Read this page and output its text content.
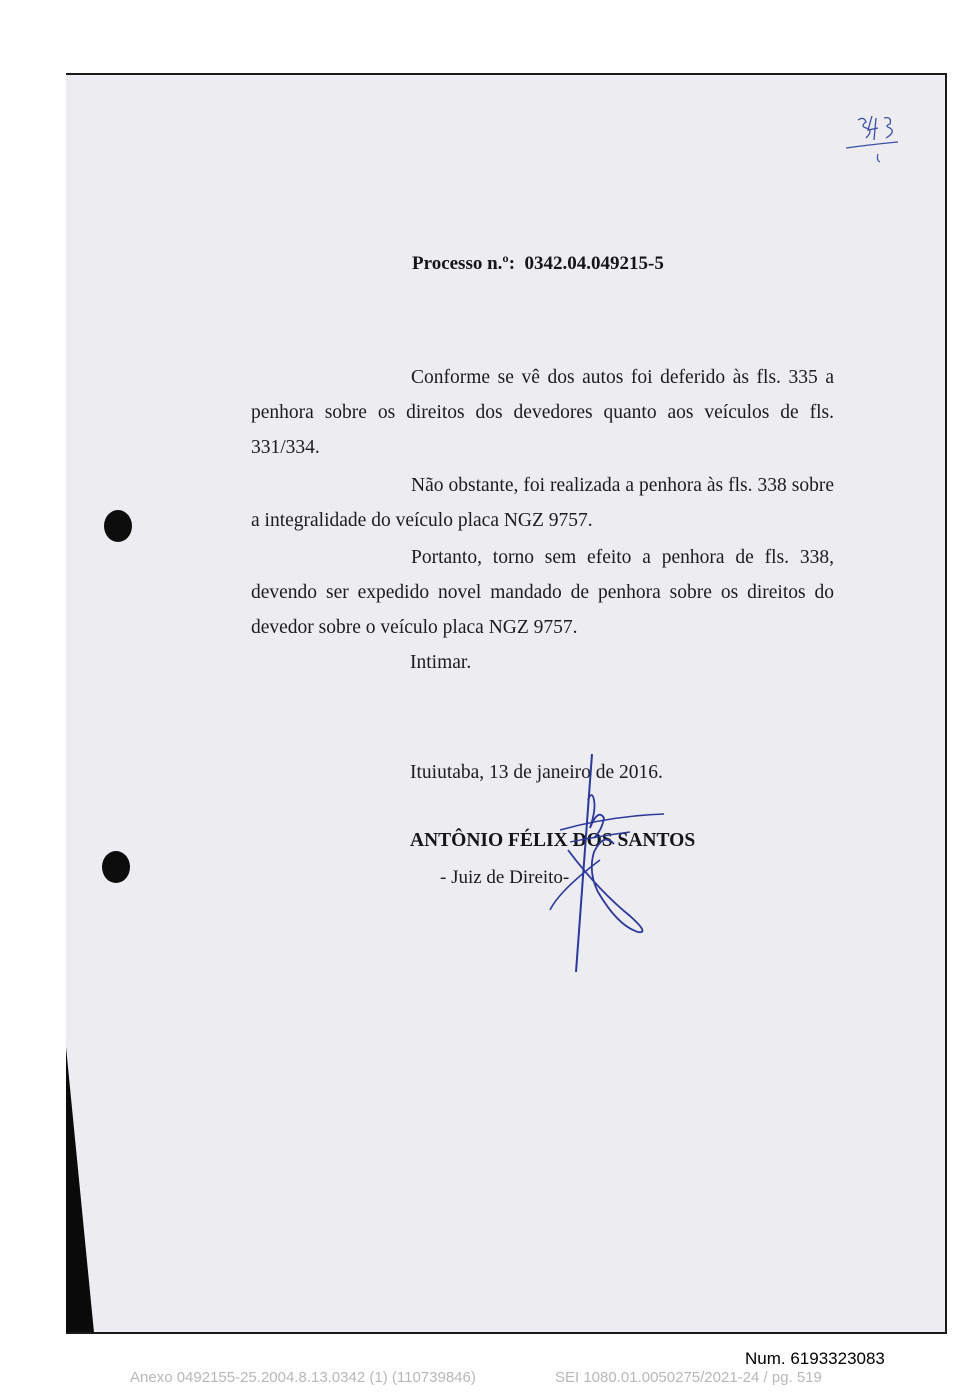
Processo n.º: 0342.04.049215-5
Conforme se vê dos autos foi deferido às fls. 335 a penhora sobre os direitos dos devedores quanto aos veículos de fls. 331/334.
Não obstante, foi realizada a penhora às fls. 338 sobre a integralidade do veículo placa NGZ 9757.
Portanto, torno sem efeito a penhora de fls. 338, devendo ser expedido novel mandado de penhora sobre os direitos do devedor sobre o veículo placa NGZ 9757.
Intimar.
Ituiutaba, 13 de janeiro de 2016.
ANTÔNIO FÉLIX DOS SANTOS
- Juiz de Direito-
Num. 6193323083
Anexo 0492155-25.2004.8.13.0342 (1) (110739846)	SEI 1080.01.0050275/2021-24 / pg. 519
